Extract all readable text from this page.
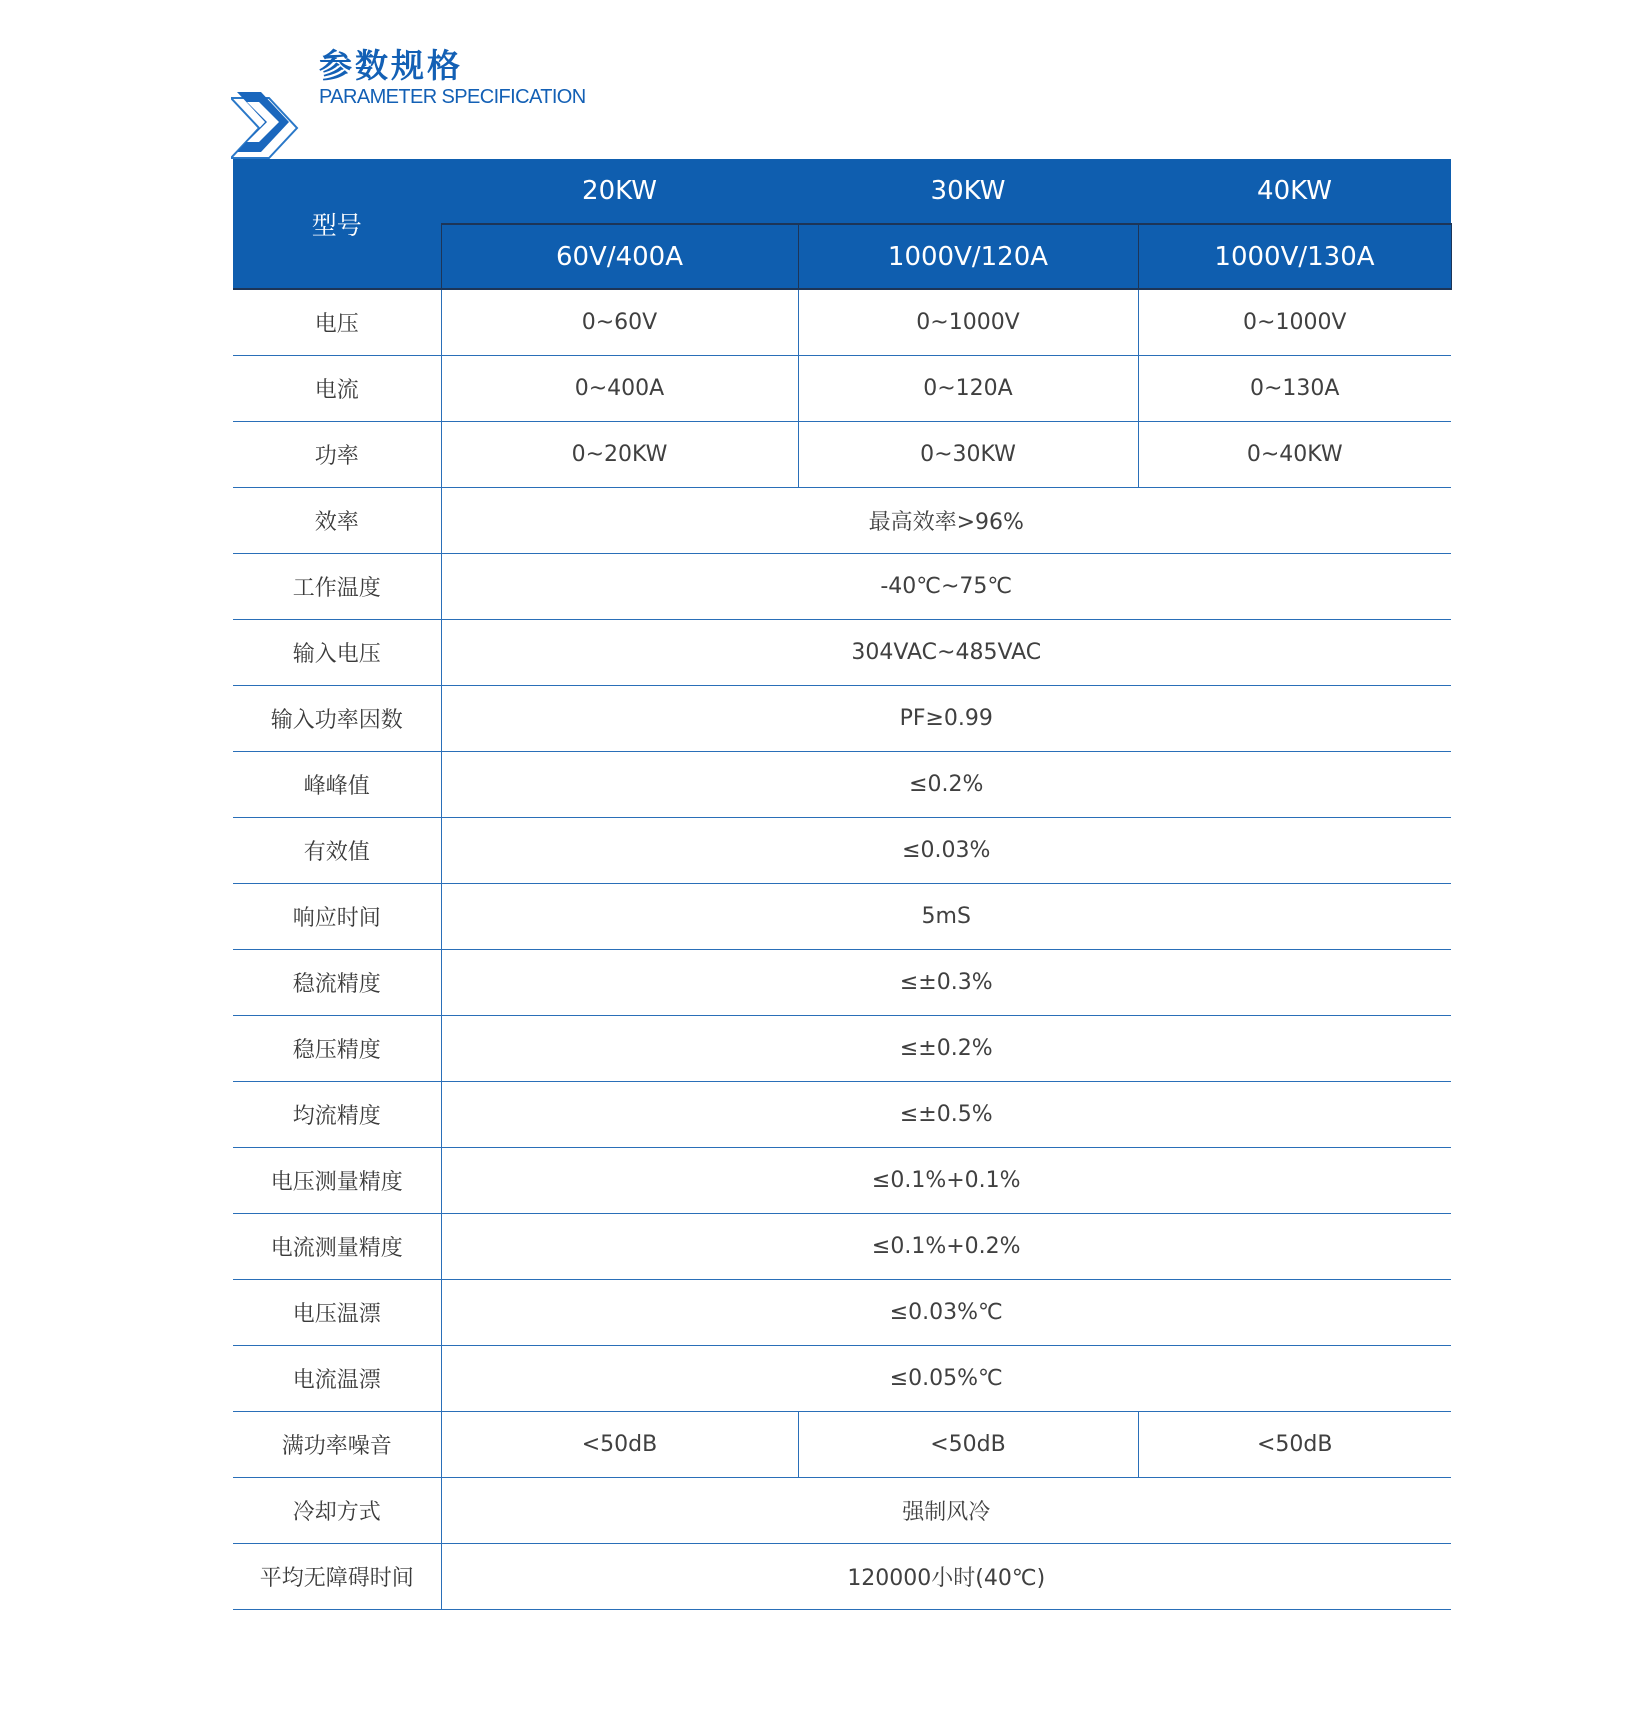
参数规格
PARAMETER SPECIFICATION
型号	20KW	30KW	40KW
	60V/400A	1000V/120A	1000V/130A
电压	0~60V	0~1000V	0~1000V
电流	0~400A	0~120A	0~130A
功率	0~20KW	0~30KW	0~40KW
效率	最高效率>96%		
工作温度	-40℃~75℃		
输入电压	304VAC~485VAC		
输入功率因数	PF≥0.99		
峰峰值	≤0.2%		
有效值	≤0.03%		
响应时间	5mS		
稳流精度	≤±0.3%		
稳压精度	≤±0.2%		
均流精度	≤±0.5%		
电压测量精度	≤0.1%+0.1%		
电流测量精度	≤0.1%+0.2%		
电压温漂	≤0.03%℃		
电流温漂	≤0.05%℃		
满功率噪音	<50dB	<50dB	<50dB
冷却方式	强制风冷		
平均无障碍时间	120000小时(40℃)		
